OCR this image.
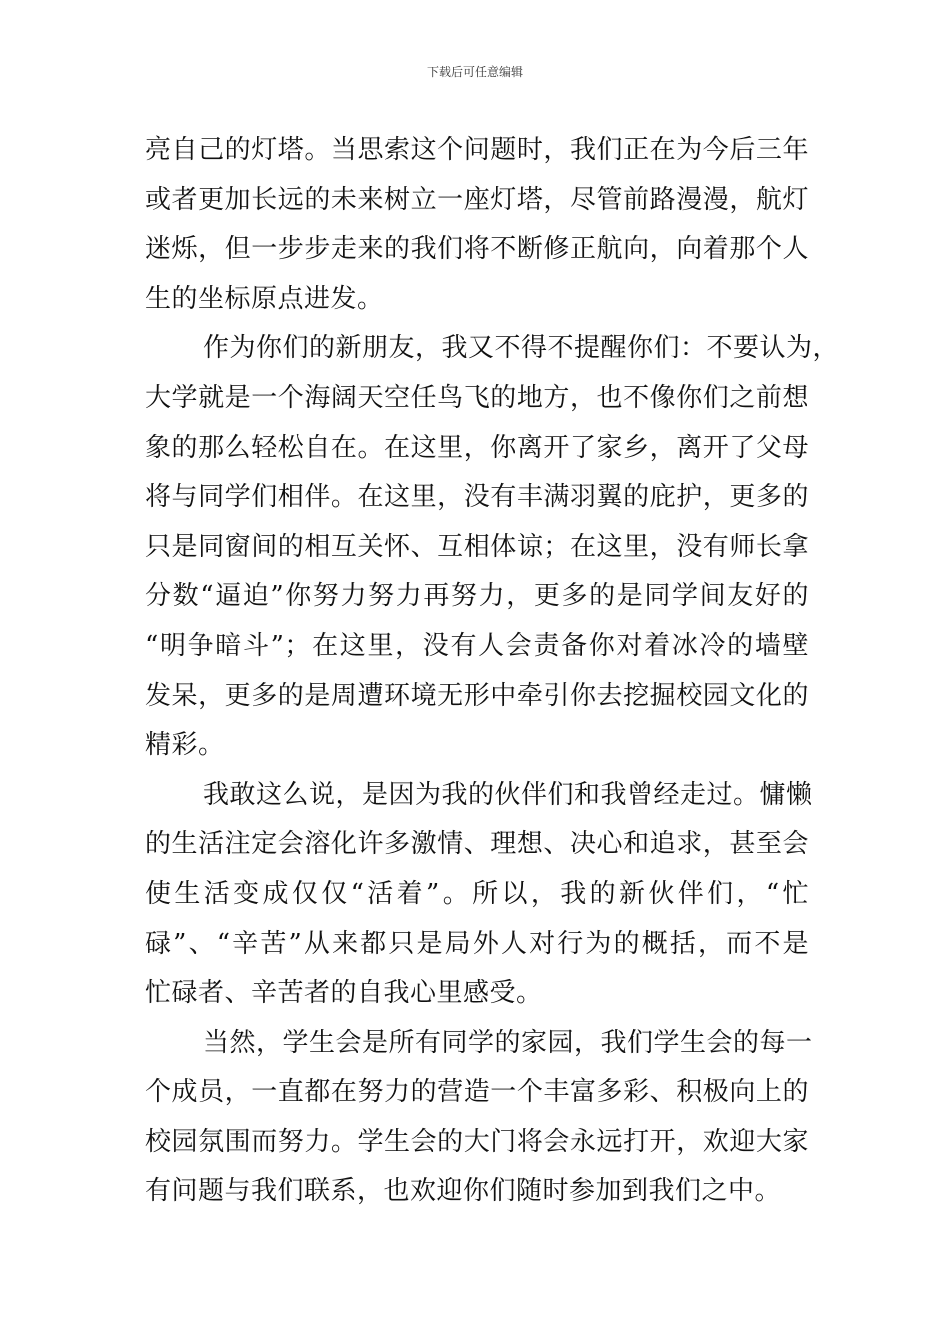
下载后可任意编辑
亮自己的灯塔。当思索这个问题时，我们正在为今后三年
或者更加长远的未来树立一座灯塔，尽管前路漫漫，航灯
迷烁，但一步步走来的我们将不断修正航向，向着那个人
生的坐标原点进发。
作为你们的新朋友，我又不得不提醒你们：不要认为，
大学就是一个海阔天空任鸟飞的地方，也不像你们之前想
象的那么轻松自在。在这里，你离开了家乡，离开了父母
将与同学们相伴。在这里，没有丰满羽翼的庇护，更多的
只是同窗间的相互关怀、互相体谅；在这里，没有师长拿
分数“逼迫”你努力努力再努力，更多的是同学间友好的
“明争暗斗”；在这里，没有人会责备你对着冰冷的墙壁
发呆，更多的是周遭环境无形中牵引你去挖掘校园文化的
精彩。
我敢这么说，是因为我的伙伴们和我曾经走过。慵懒
的生活注定会溶化许多激情、理想、决心和追求，甚至会
使生活变成仅仅“活着”。所以，我的新伙伴们，“忙
碌”、“辛苦”从来都只是局外人对行为的概括，而不是
忙碌者、辛苦者的自我心里感受。
当然，学生会是所有同学的家园，我们学生会的每一
个成员，一直都在努力的营造一个丰富多彩、积极向上的
校园氛围而努力。学生会的大门将会永远打开，欢迎大家
有问题与我们联系，也欢迎你们随时参加到我们之中。
